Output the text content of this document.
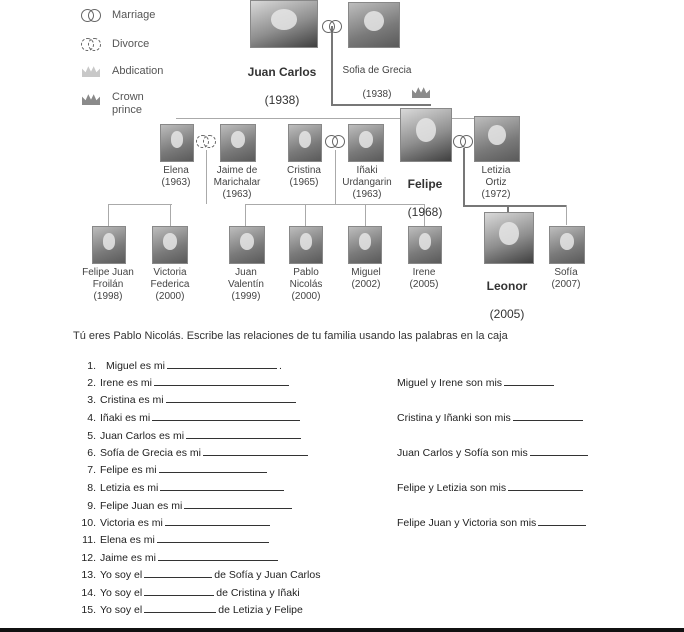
Marriage
Divorce
Abdication
Crown
prince

Juan Carlos

(1938)

Sofia de Grecia

(1938)

Elena
(1963)
Jaime de
Marichalar
(1963)
Cristina
(1965)
Iñaki
Urdangarin
(1963)

Felipe

(1968)

Letizia
Ortiz
(1972)
Felipe Juan
Froilán
(1998)
Victoria
Federica
(2000)
Juan
Valentín
(1999)
Pablo
Nicolás
(2000)
Miguel
(2002)
Irene
(2005)	Leonor

(2005)

Sofía
(2007)
Tú eres Pablo Nicolás. Escribe las relaciones de tu familia usando las palabras en la caja
1. Miguel es mi	.
2. Irene es mi
3. Cristina es mi
4. Iñaki es mi
5. Juan Carlos es mi
6. Sofía de Grecia es mi
7. Felipe es mi
8. Letizia es mi
9. Felipe Juan es mi
10. Victoria es mi
11. Elena es mi
12. Jaime es mi
13. Yo soy el	de Sofía y Juan Carlos
14. Yo soy el	de Cristina y Iñaki
15. Yo soy el	de Letizia y Felipe
Miguel y Irene son mis
Cristina y Iñanki son mis
Juan Carlos y Sofía son mis
Felipe y Letizia son mis
Felipe Juan y Victoria son mis
